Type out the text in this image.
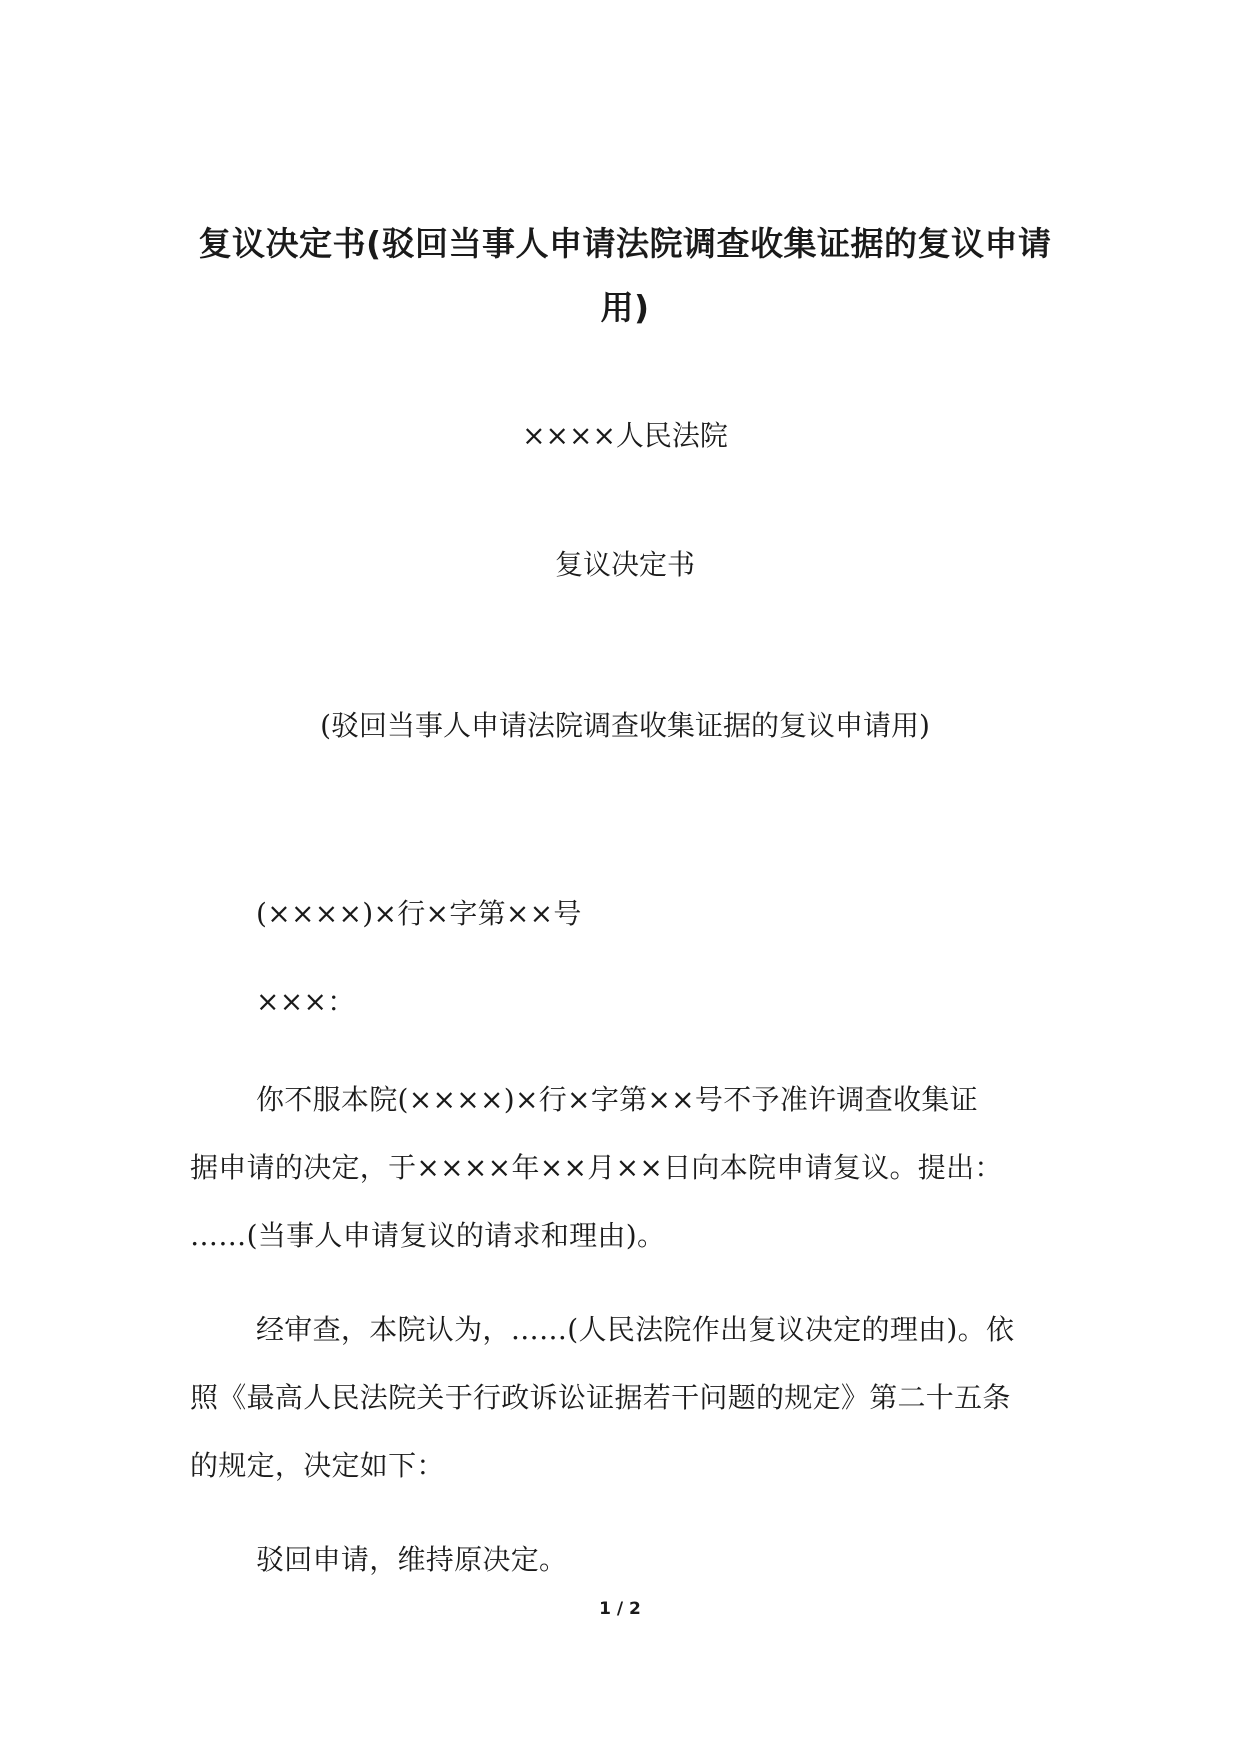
复议决定书(驳回当事人申请法院调查收集证据的复议申请用)

××××人民法院

复议决定书

(驳回当事人申请法院调查收集证据的复议申请用)

(××××)×行×字第××号

×××：

你不服本院(××××)×行×字第××号不予准许调查收集证

据申请的决定，于××××年××月××日向本院申请复议。提出：

……(当事人申请复议的请求和理由)。

经审查，本院认为，……(人民法院作出复议决定的理由)。依

照《最高人民法院关于行政诉讼证据若干问题的规定》第二十五条

的规定，决定如下：

驳回申请，维持原决定。

1 / 2
